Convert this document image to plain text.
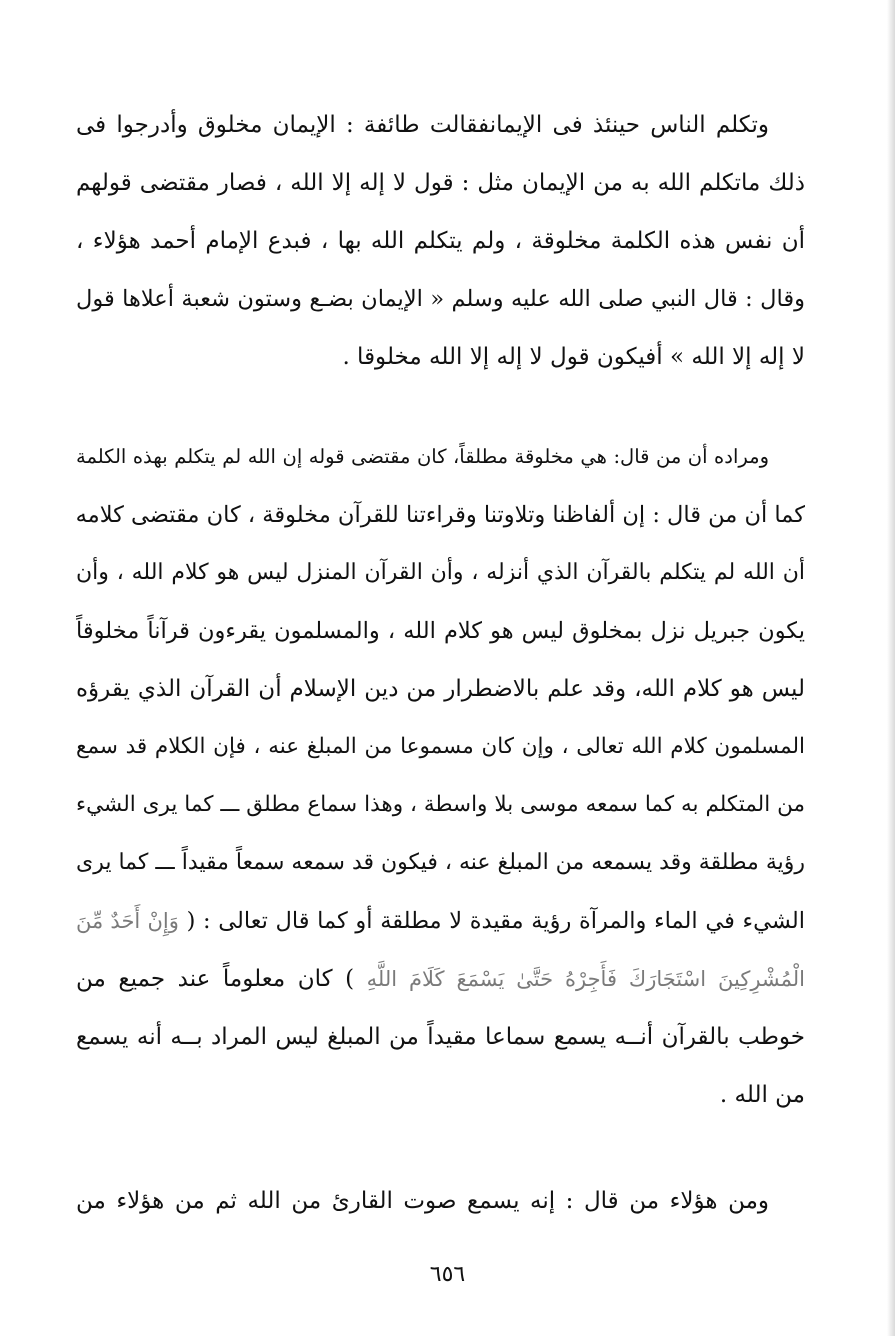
وتكلم الناس حينئذ فى الإيمانفقالت طائفة : الإيمان مخلوق وأدرجوا فى
ذلك ماتكلم الله به من الإيمان مثل : قول لا إله إلا الله ، فصار مقتضى قولهم
أن نفس هذه الكلمة مخلوقة ، ولم يتكلم الله بها ، فبدع الإمام أحمد هؤلاء ،
وقال : قال النبي صلى الله عليه وسلم « الإيمان بضـع وستون شعبة أعلاها قول
لا إله إلا الله » أفيكون قول لا إله إلا الله مخلوقا .
ومراده أن من قال: هي مخلوقة مطلقاً، كان مقتضى قوله إن الله لم يتكلم بهذه الكلمة
كما أن من قال : إن ألفاظنا وتلاوتنا وقراءتنا للقرآن مخلوقة ، كان مقتضى كلامه
أن الله لم يتكلم بالقرآن الذي أنزله ، وأن القرآن المنزل ليس هو كلام الله ، وأن
يكون جبريل نزل بمخلوق ليس هو كلام الله ، والمسلمون يقرءون قرآناً مخلوقاً
ليس هو كلام الله، وقد علم بالاضطرار من دين الإسلام أن القرآن الذي يقرؤه
المسلمون كلام الله تعالى ، وإن كان مسموعا من المبلغ عنه ، فإن الكلام قد سمع
من المتكلم به كما سمعه موسى بلا واسطة ، وهذا سماع مطلق ـــ كما يرى الشيء
رؤية مطلقة وقد يسمعه من المبلغ عنه ، فيكون قد سمعه سمعاً مقيداً ـــ كما يرى
الشيء في الماء والمرآة رؤية مقيدة لا مطلقة أو كما قال تعالى : ( وَإِنْ أَحَدٌ مِّنَ
الْمُشْرِكِينَ اسْتَجَارَكَ فَأَجِرْهُ حَتَّىٰ يَسْمَعَ كَلَامَ اللَّهِ ) كان معلوماً عند جميع من
خوطب بالقرآن أنــه يسمع سماعا مقيداً من المبلغ ليس المراد بــه أنه يسمع
من الله .
ومن هؤلاء من قال : إنه يسمع صوت القارئ من الله ثم من هؤلاء من
٦٥٦
